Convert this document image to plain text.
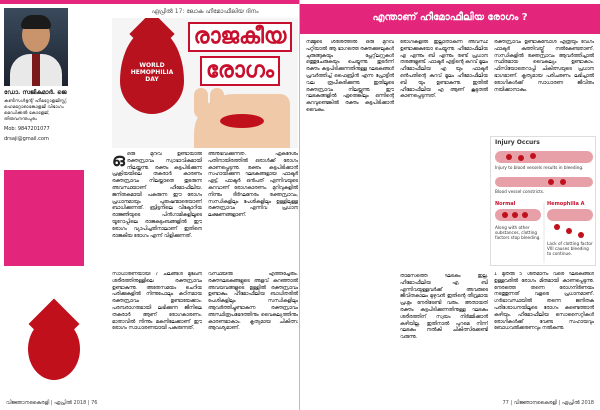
ഡോ. സജികുമാർ. ജെ
കൺസൾട്ടന്റ് ഹീമറ്റോളജിസ്റ്റ്, ഹെമറ്റോഓങ്കോളജി വിഭാഗം മെഡിക്കൽ കോളേജ്, തിരുവനന്തപുരം
Mob: 9847201077
drsaji@gmail.com
ഏപ്രിൽ 17: ലോക ഹീമോഫീലിയ ദിനം
WORLD HEMOPHILIA DAY
രാജകീയ
രോഗം
ഒഒരു മുറിവ് ഉണ്ടായാൽ രക്തസ്രാവം സ്വാഭാവികമായി നിലയ്ക്കുന്നു. രക്തം കട്ടപിടിക്കുന്ന പ്രക്രിയയിലെ തകരാർ കാരണം രക്തസ്രാവം നിലയ്ക്കാതെ തുടരുന്ന അവസ്ഥയാണ് ഹീമോഫീലിയ. ജനിതകമായി പകരുന്ന ഈ രോഗം പ്രധാനമായും പുരുഷന്മാരെയാണ് ബാധിക്കുന്നത്. ബ്രിട്ടനിലെ വിക്ടോറിയ രാജ്ഞിയുടെ പിൻഗാമികളിലൂടെ യൂറോപ്പിലെ രാജകുടുംബങ്ങളിൽ ഈ രോഗം വ്യാപിച്ചതിനാലാണ് ഇതിനെ രാജകീയ രോഗം എന്ന് വിളിക്കുന്നത്.
അനുഭവിക്കുന്നത്. ഏകദേശം പതിനായിരത്തിൽ ഒരാൾക്ക് രോഗം കാണപ്പെടുന്നു. രക്തം കട്ടപിടിക്കാൻ സഹായിക്കുന്ന ഘടകങ്ങളായ ഫാക്ടർ എട്ട്, ഫാക്ടർ ഒൻപത് എന്നിവയുടെ കുറവാണ് രോഗകാരണം. മുറിവുകളിൽ നിന്നും ദീർഘനേരം രക്തസ്രാവം, സന്ധികളിലും പേശികളിലും ഉള്ളിലുള്ള രക്തസ്രാവം എന്നിവ പ്രധാന ലക്ഷണങ്ങളാണ്.
സാധാരണയായി 7 ചലങ്ങൾ മുഖേന ശരീരത്തിനുള്ളിലെ രക്തസ്രാവം ഉണ്ടാകുന്നു. അതേസമയം ചെറിയ പരിക്കുകളിൽ നിന്നുപോലും കഠിനമായ രക്തസ്രാവം ഉണ്ടായേക്കാം. പരമ്പരാഗതമായി ലഭിക്കുന്ന ജീനിലെ തകരാർ ആണ് രോഗകാരണം. മാതാവിൽ നിന്നും മകനിലേക്കാണ് ഈ രോഗം സാധാരണയായി പകരുന്നത്.
വസ്ഥയിൽ എത്തിച്ചേരും. രക്തഘടകങ്ങളുടെ അളവ് കുറഞ്ഞാൽ അവയവങ്ങളുടെ ഉള്ളിൽ രക്തസ്രാവം ഉണ്ടാകും. ഹീമോഫീലിയ ബാധിതരിൽ പേശികളിലും സന്ധികളിലും ആവർത്തിച്ചുണ്ടാകുന്ന രക്തസ്രാവം അസ്ഥിരൂപഭേദത്തിനും വൈകല്യത്തിനും കാരണമാകാം. കൃത്യമായ ചികിത്സ ആവശ്യമാണ്.
വിജ്ഞാനകൈരളി | ഏപ്രിൽ 2018 | 76
എന്താണ് ഹീമോഫീലിയ രോഗം ?
നമ്മുടെ ശരീരത്തിൽ ഒരു മുറിവ് പറ്റിയാൽ ആ ഭാഗത്തെ രക്തക്കുഴലുകൾ ചുരുങ്ങുകയും പ്ലേറ്റ്‌ലറ്റുകൾ ഒത്തുചേരുകയും ചെയ്യുന്നു. തുടർന്ന് രക്തം കട്ടപിടിക്കുന്നതിനുള്ള ഘടകങ്ങൾ പ്രവർത്തിച്ച് ഫൈബ്രിൻ എന്ന പ്രോട്ടീൻ വല രൂപീകരിക്കുന്നു. ഇതിലൂടെ രക്തസ്രാവം നിലയ്ക്കുന്നു. ഈ ഘടകങ്ങളിൽ ഏതെങ്കിലും ഒന്നിന്റെ കുറവുണ്ടെങ്കിൽ രക്തം കട്ടപിടിക്കാൻ വൈകും.
രോഗികളിൽ ഇല്ലാതാകുന്ന അവസ്ഥ ഉണ്ടാക്കുകയോ ചെയ്യുന്നു. ഹീമോഫീലിയ എ എന്നും ബി എന്നും രണ്ട് പ്രധാന തരങ്ങളുണ്ട്. ഫാക്ടർ എട്ടിന്റെ കുറവ് മൂലം ഹീമോഫീലിയ എ യും ഫാക്ടർ ഒൻപതിന്റെ കുറവ് മൂലം ഹീമോഫീലിയ ബി യും ഉണ്ടാകുന്നു. ഇതിൽ ഹീമോഫീലിയ എ ആണ് കൂടുതൽ കാണപ്പെടുന്നത്.
താമസത്തെ ഘടകം ഇല്ല. ഹീമോഫീലിയ എ, ബി എന്നിവയുള്ളവർക്ക് അവരുടെ ജീവിതകാലം മുഴുവൻ ഇതിന്റെ തീവ്രമായ പ്രശ്നം നേരിടേണ്ടി വരും. അതായത് രക്തം കട്ടപിടിക്കുന്നതിനുള്ള ഘടകം ശരീരത്തിന് സ്വയം നിർമ്മിക്കാൻ കഴിയില്ല. ഇതിനാൽ പുറമെ നിന്ന് ഘടകം നൽകി ചികിത്സിക്കേണ്ടി വരുന്നു.
രക്തസ്രാവം ഉണ്ടാകുമ്പോൾ എത്രയും വേഗം ഫാക്ടർ കുത്തിവയ്പ്പ് നൽകേണ്ടതാണ്. സന്ധികളിൽ രക്തസ്രാവം ആവർത്തിച്ചാൽ സ്ഥിരമായ വൈകല്യം ഉണ്ടാകാം. ഫിസിയോതെറാപ്പി ചികിത്സയുടെ പ്രധാന ഭാഗമാണ്. കൃത്യമായ പരിചരണം ലഭിച്ചാൽ രോഗികൾക്ക് സാധാരണ ജീവിതം നയിക്കാനാകും.
Injury Occurs
Injury to blood vessels results in bleeding.
Blood vessel constricts.
Normal	Hemophilia A
Along with other substances, clotting factors stop bleeding.
Lack of clotting factor VIII causes bleeding to continue.
1 മുതൽ 5 ശതമാനം വരെ ഘടകങ്ങൾ ഉള്ളവരിൽ രോഗം മിതമായി കാണപ്പെടുന്നു. നേരത്തെ തന്നെ രോഗനിർണയം നടത്തുന്നത് വളരെ പ്രധാനമാണ്. ഗർഭാവസ്ഥയിൽ തന്നെ ജനിതക പരിശോധനയിലൂടെ രോഗം കണ്ടെത്താൻ കഴിയും. ഹീമോഫീലിയ സൊസൈറ്റികൾ രോഗികൾക്ക് വേണ്ട സഹായവും ബോധവൽക്കരണവും നൽകുന്നു.
77 | വിജ്ഞാനകൈരളി | ഏപ്രിൽ 2018
